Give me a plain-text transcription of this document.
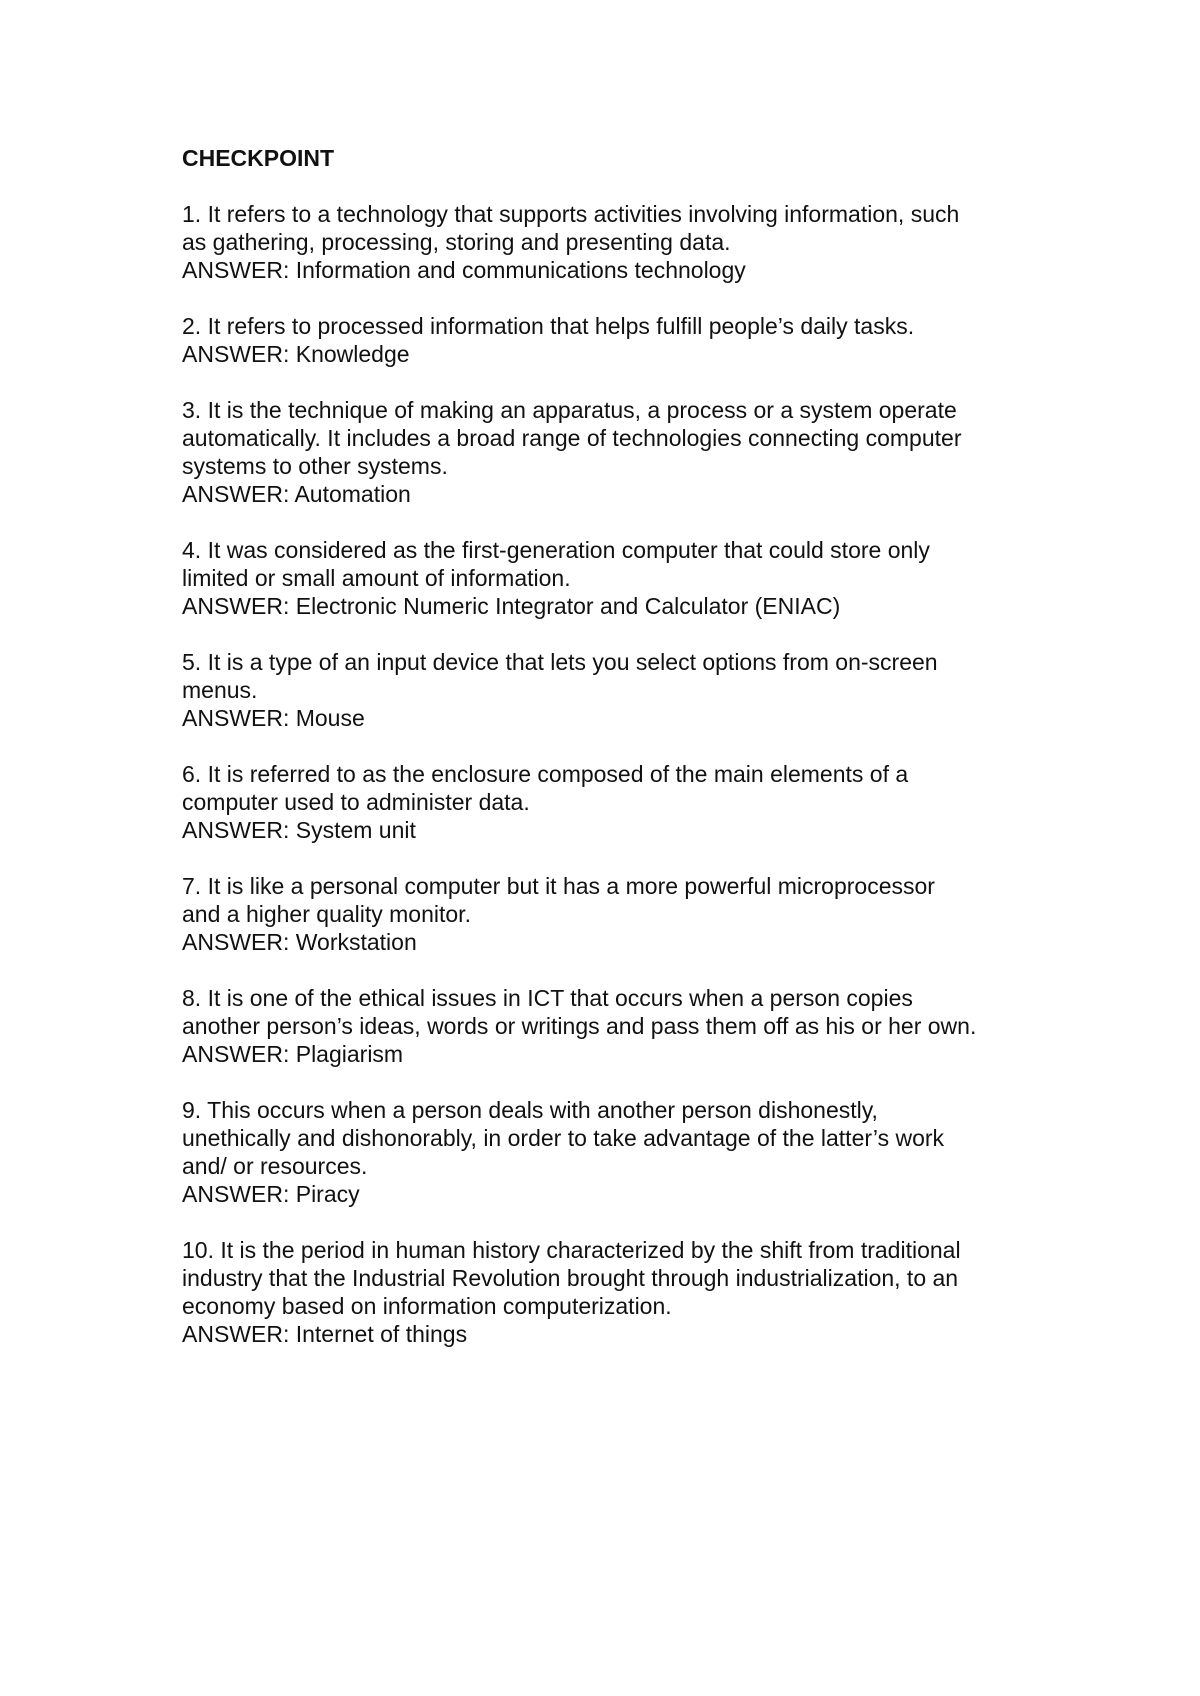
CHECKPOINT

1. It refers to a technology that supports activities involving information, such

as gathering, processing, storing and presenting data.

ANSWER: Information and communications technology

2. It refers to processed information that helps fulfill people’s daily tasks.

ANSWER: Knowledge

3. It is the technique of making an apparatus, a process or a system operate

automatically. It includes a broad range of technologies connecting computer

systems to other systems.

ANSWER: Automation

4. It was considered as the first-generation computer that could store only

limited or small amount of information.

ANSWER: Electronic Numeric Integrator and Calculator (ENIAC)

5. It is a type of an input device that lets you select options from on-screen

menus.

ANSWER: Mouse

6. It is referred to as the enclosure composed of the main elements of a

computer used to administer data.

ANSWER: System unit

7. It is like a personal computer but it has a more powerful microprocessor

and a higher quality monitor.

ANSWER: Workstation

8. It is one of the ethical issues in ICT that occurs when a person copies

another person’s ideas, words or writings and pass them off as his or her own.

ANSWER: Plagiarism

9. This occurs when a person deals with another person dishonestly,

unethically and dishonorably, in order to take advantage of the latter’s work

and/ or resources.

ANSWER: Piracy

10. It is the period in human history characterized by the shift from traditional

industry that the Industrial Revolution brought through industrialization, to an

economy based on information computerization.

ANSWER: Internet of things
